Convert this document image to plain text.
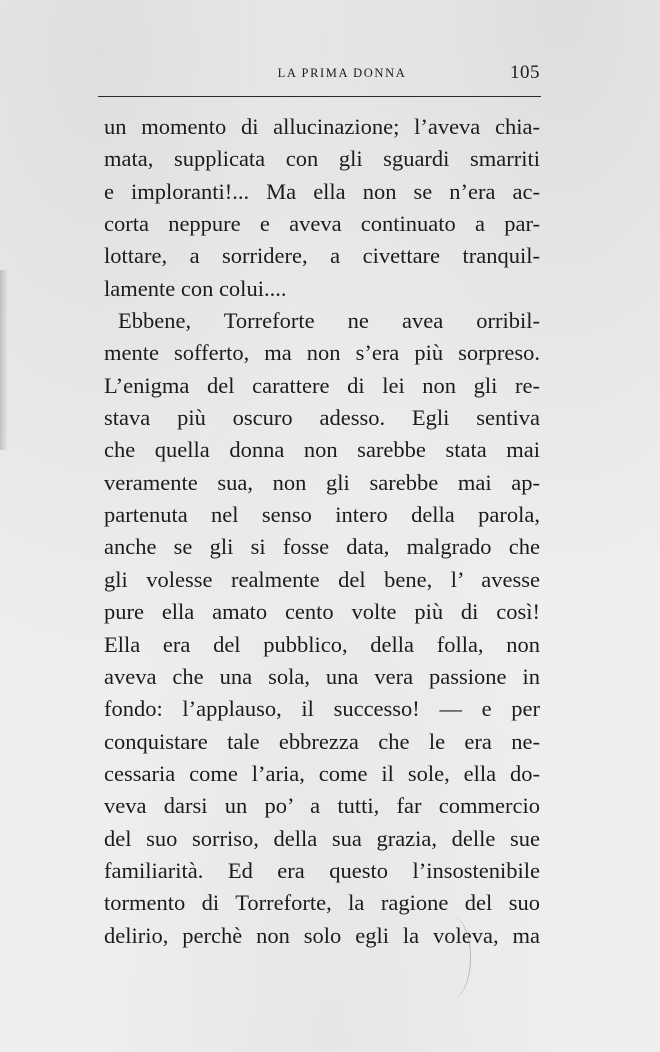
LA PRIMA DONNA	105
un momento di allucinazione; l’aveva chia-
mata, supplicata con gli sguardi smarriti
e imploranti!... Ma ella non se n’era ac-
corta neppure e aveva continuato a par-
lottare, a sorridere, a civettare tranquil-
lamente con colui....
Ebbene, Torreforte ne avea orribil-
mente sofferto, ma non s’era più sorpreso.
L’enigma del carattere di lei non gli re-
stava più oscuro adesso. Egli sentiva
che quella donna non sarebbe stata mai
veramente sua, non gli sarebbe mai ap-
partenuta nel senso intero della parola,
anche se gli si fosse data, malgrado che
gli volesse realmente del bene, l’ avesse
pure ella amato cento volte più di così!
Ella era del pubblico, della folla, non
aveva che una sola, una vera passione in
fondo: l’applauso, il successo! — e per
conquistare tale ebbrezza che le era ne-
cessaria come l’aria, come il sole, ella do-
veva darsi un po’ a tutti, far commercio
del suo sorriso, della sua grazia, delle sue
familiarità. Ed era questo l’insostenibile
tormento di Torreforte, la ragione del suo
delirio, perchè non solo egli la voleva, ma
